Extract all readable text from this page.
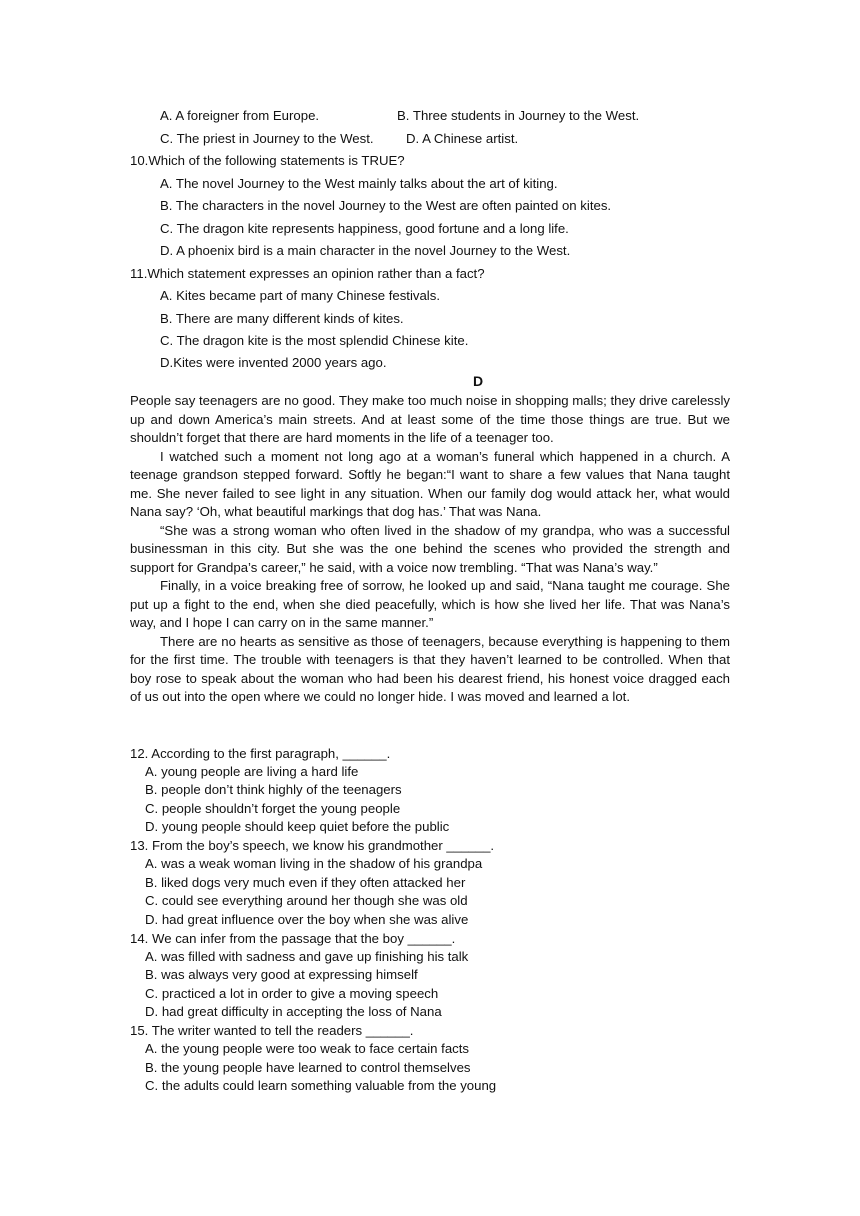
A. A foreigner from Europe.	B. Three students in Journey to the West.
C. The priest in Journey to the West. D. A Chinese artist.
10.Which of the following statements is TRUE?
A. The novel Journey to the West mainly talks about the art of kiting.
B. The characters in the novel Journey to the West are often painted on kites.
C. The dragon kite represents happiness, good fortune and a long life.
D. A phoenix bird is a main character in the novel Journey to the West.
11.Which statement expresses an opinion rather than a fact?
A. Kites became part of many Chinese festivals.
B. There are many different kinds of kites.
C. The dragon kite is the most splendid Chinese kite.
D.Kites were invented 2000 years ago.
D

People say teenagers are no good. They make too much noise in shopping malls; they drive carelessly up and down America’s main streets. And at least some of the time those things are true. But we shouldn’t forget that there are hard moments in the life of a teenager too.

I watched such a moment not long ago at a woman’s funeral which happened in a church. A teenage grandson stepped forward. Softly he began:“I want to share a few values that Nana taught me. She never failed to see light in any situation. When our family dog would attack her, what would Nana say? ‘Oh, what beautiful markings that dog has.’ That was Nana.

“She was a strong woman who often lived in the shadow of my grandpa, who was a successful businessman in this city. But she was the one behind the scenes who provided the strength and support for Grandpa’s career,” he said, with a voice now trembling. “That was Nana’s way.”

Finally, in a voice breaking free of sorrow, he looked up and said, “Nana taught me courage. She put up a fight to the end, when she died peacefully, which is how she lived her life. That was Nana’s way, and I hope I can carry on in the same manner.”

There are no hearts as sensitive as those of teenagers, because everything is happening to them for the first time. The trouble with teenagers is that they haven’t learned to be controlled. When that boy rose to speak about the woman who had been his dearest friend, his honest voice dragged each of us out into the open where we could no longer hide. I was moved and learned a lot.

12. According to the first paragraph, ______.
A. young people are living a hard life
B. people don’t think highly of the teenagers
C. people shouldn’t forget the young people
D. young people should keep quiet before the public
13. From the boy’s speech, we know his grandmother ______.
A. was a weak woman living in the shadow of his grandpa
B. liked dogs very much even if they often attacked her
C. could see everything around her though she was old
D. had great influence over the boy when she was alive
14. We can infer from the passage that the boy ______.
A. was filled with sadness and gave up finishing his talk
B. was always very good at expressing himself
C. practiced a lot in order to give a moving speech
D. had great difficulty in accepting the loss of Nana
15. The writer wanted to tell the readers ______.
A. the young people were too weak to face certain facts
B. the young people have learned to control themselves
C. the adults could learn something valuable from the young
